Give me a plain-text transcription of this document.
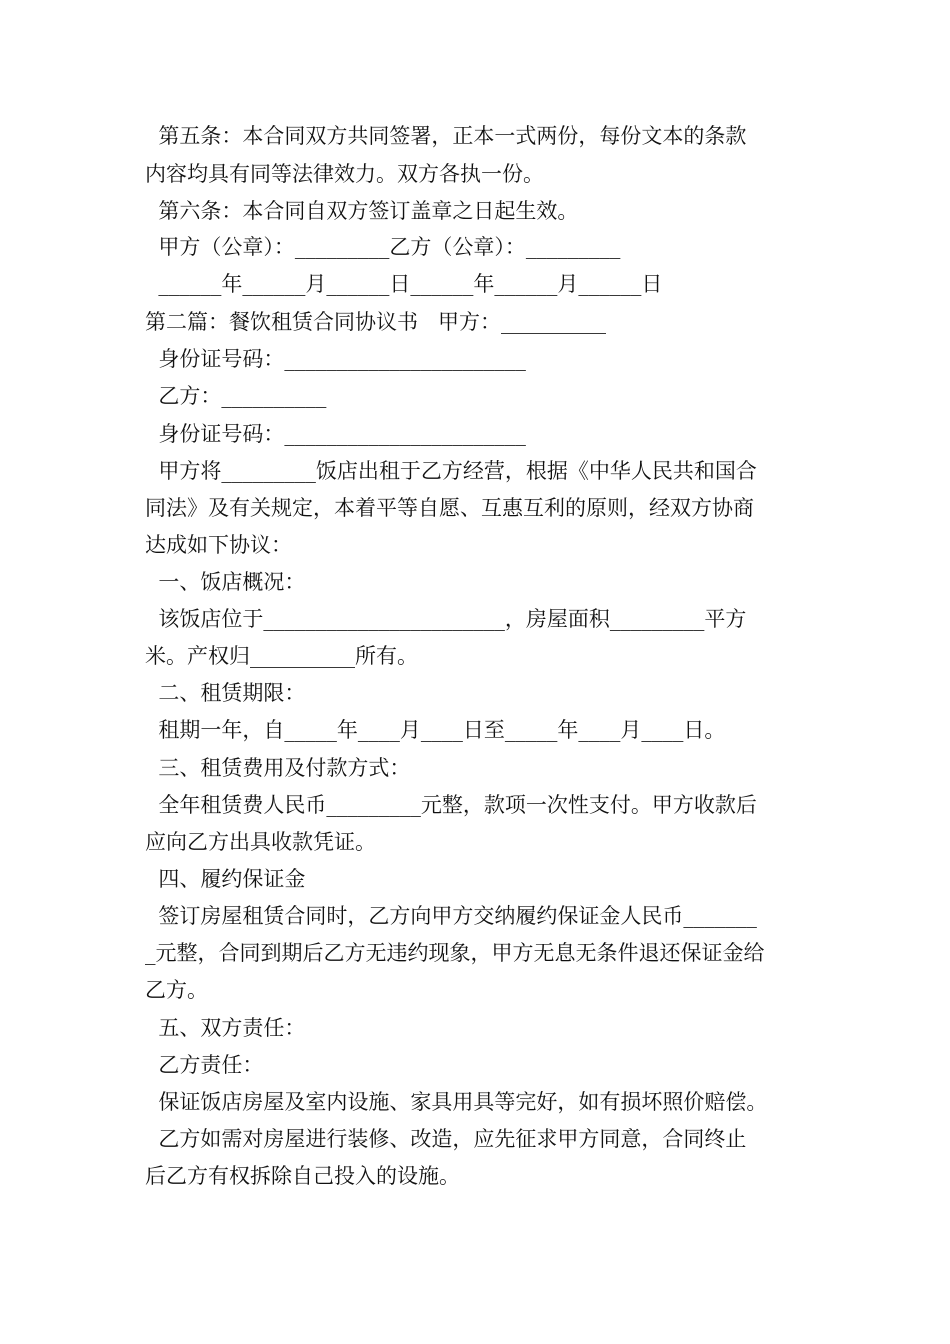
第五条：本合同双方共同签署，正本一式两份，每份文本的条款

内容均具有同等法律效力。双方各执一份。

第六条：本合同自双方签订盖章之日起生效。

甲方（公章）：_________乙方（公章）：_________

______年______月______日______年______月______日

第二篇：餐饮租赁合同协议书   甲方：__________

身份证号码：_______________________

乙方：__________

身份证号码：_______________________

甲方将_________饭店出租于乙方经营，根据《中华人民共和国合

同法》及有关规定，本着平等自愿、互惠互利的原则，经双方协商

达成如下协议：

一、饭店概况：

该饭店位于_______________________，房屋面积_________平方

米。产权归__________所有。

二、租赁期限：

租期一年，自_____年____月____日至_____年____月____日。

三、租赁费用及付款方式：

全年租赁费人民币_________元整，款项一次性支付。甲方收款后

应向乙方出具收款凭证。

四、履约保证金

签订房屋租赁合同时，乙方向甲方交纳履约保证金人民币_______

_元整，合同到期后乙方无违约现象，甲方无息无条件退还保证金给

乙方。

五、双方责任：

乙方责任：

保证饭店房屋及室内设施、家具用具等完好，如有损坏照价赔偿。

乙方如需对房屋进行装修、改造，应先征求甲方同意，合同终止

后乙方有权拆除自己投入的设施。
